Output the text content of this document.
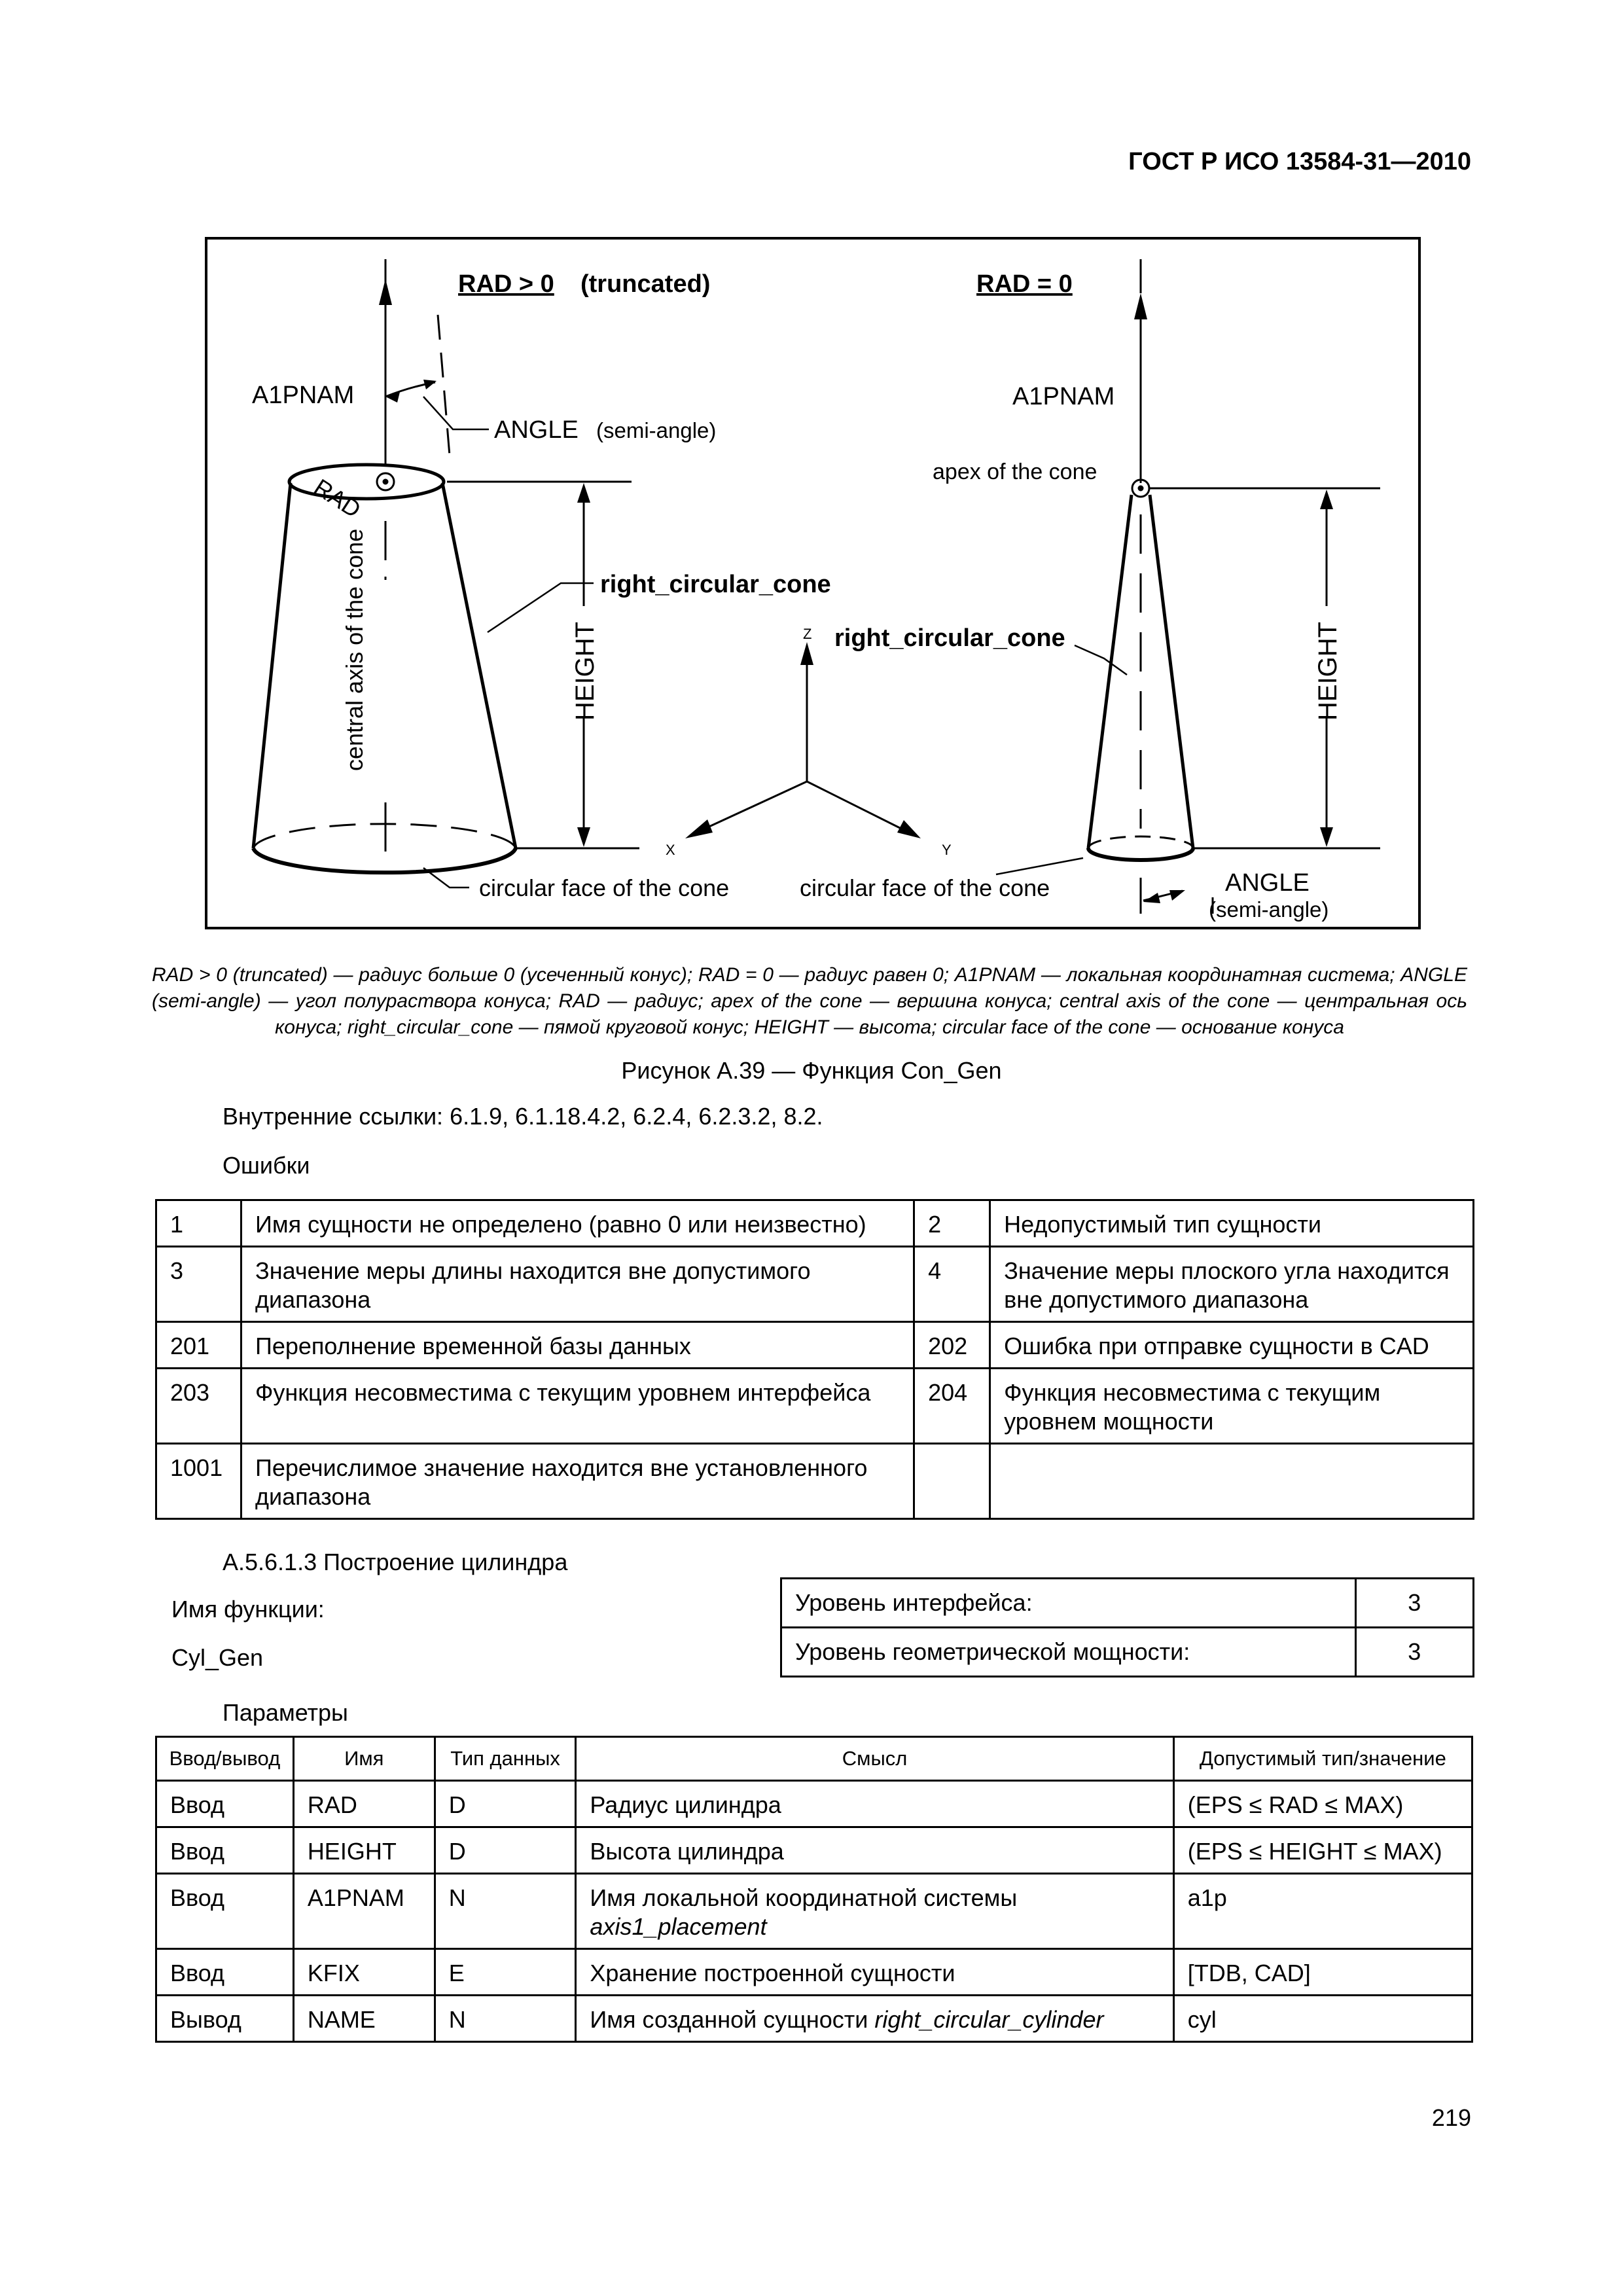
ГОСТ Р ИСО 13584-31—2010
RAD > 0 (truncated)	RAD = 0
A1PNAM
ANGLE (semi-angle)
RAD
central axis of the cone	HEIGHT
right_circular_cone
circular face of the cone
Z
X	Y
right_circular_cone
A1PNAM
apex of the cone
HEIGHT
circular face of the cone	ANGLE
(semi-angle)
RAD > 0 (truncated) — радиус больше 0 (усеченный конус); RAD = 0 — радиус равен 0; A1PNAM — локальная координатная система; ANGLE (semi-angle) — угол полураствора конуса; RAD — радиус; apex of the cone — вершина конуса; central axis of the cone — центральная ось конуса; right_circular_cone — пямой круговой конус; HEIGHT — высота; circular face of the cone — основание конуса
Рисунок А.39 — Функция Con_Gen
Внутренние ссылки: 6.1.9, 6.1.18.4.2, 6.2.4, 6.2.3.2, 8.2.
Ошибки
1	Имя сущности не определено (равно 0 или неизвестно)	2	Недопустимый тип сущности
3	Значение меры длины находится вне допустимого диапазона	4	Значение меры плоского угла находится вне допустимого диапазона
201	Переполнение временной базы данных	202	Ошибка при отправке сущности в CAD
203	Функция несовместима с текущим уровнем интерфейса	204	Функция несовместима с текущим уровнем мощности
1001	Перечислимое значение находится вне установленного диапазона		
А.5.6.1.3 Построение цилиндра
Имя функции:
Cyl_Gen
Уровень интерфейса:	3
Уровень геометрической мощности:	3
Параметры
Ввод/вывод	Имя	Тип данных	Смысл	Допустимый тип/значение
Ввод	RAD	D	Радиус цилиндра	(EPS ≤ RAD ≤ MAX)
Ввод	HEIGHT	D	Высота цилиндра	(EPS ≤ HEIGHT ≤ MAX)
Ввод	A1PNAM	N	Имя локальной координатной системы axis1_placement	a1p
Ввод	KFIX	E	Хранение построенной сущности	[TDB, CAD]
Вывод	NAME	N	Имя созданной сущности right_circular_cylinder	cyl
219
